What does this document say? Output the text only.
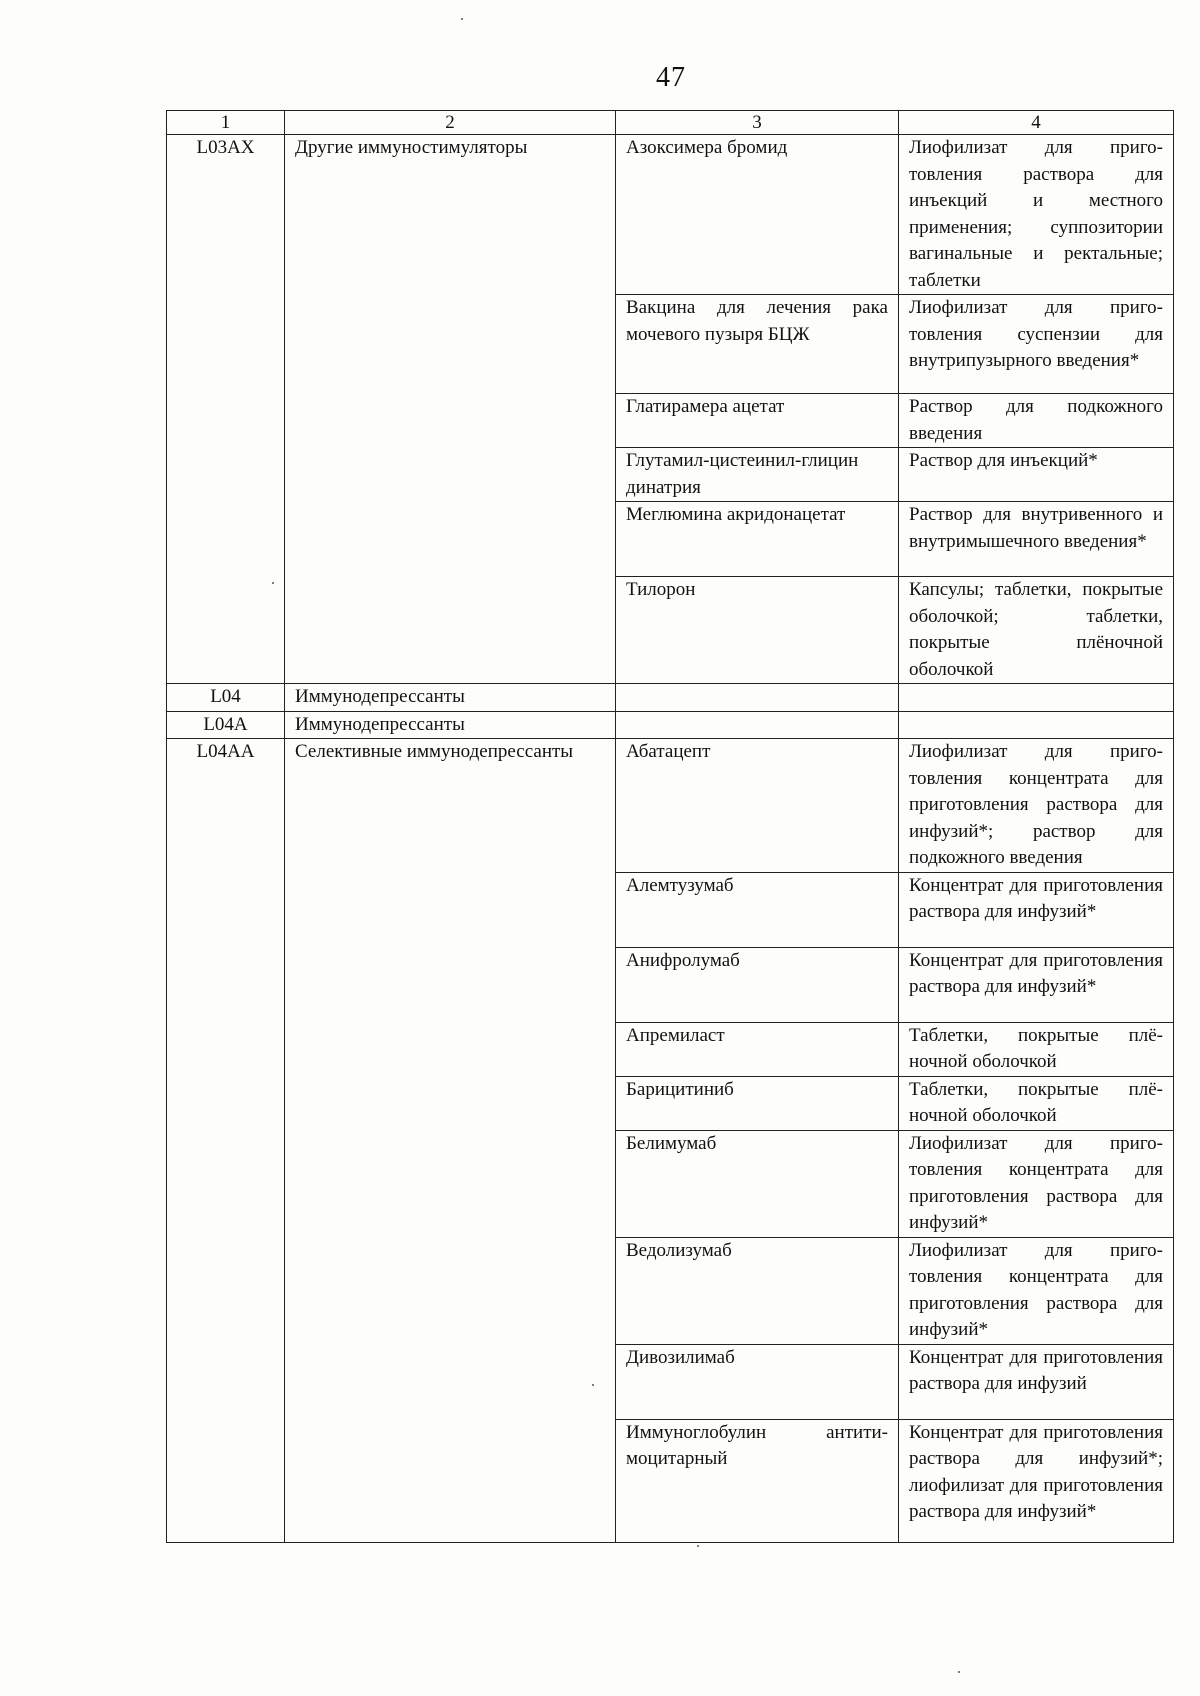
47
1	2	3	4
L03AX	Другие иммуностимуляторы	Азоксимера бромид	Лиофилизат для приготовления раствора для инъекций и местного применения; суппозитории вагинальные и ректальные; таблетки
		Вакцина для лечения рака мочевого пузыря БЦЖ	Лиофилизат для приготовления суспензии для внутрипузырного введения*
		Глатирамера ацетат	Раствор для подкожного введения
		Глутамил-цистеинил-глицин динатрия	Раствор для инъекций*
		Меглюмина акридонацетат	Раствор для внутривенного и внутримышечного введения*
		Тилорон	Капсулы; таблетки, покрытые оболочкой; таблетки, покрытые плёночной оболочкой
L04	Иммунодепрессанты		
L04A	Иммунодепрессанты		
L04AA	Селективные иммунодепрессанты	Абатацепт	Лиофилизат для приготовления концентрата для приготовления раствора для инфузий*; раствор для подкожного введения
		Алемтузумаб	Концентрат для приготовления раствора для инфузий*
		Анифролумаб	Концентрат для приготовления раствора для инфузий*
		Апремиласт	Таблетки, покрытые плёночной оболочкой
		Барицитиниб	Таблетки, покрытые плёночной оболочкой
		Белимумаб	Лиофилизат для приготовления концентрата для приготовления раствора для инфузий*
		Ведолизумаб	Лиофилизат для приготовления концентрата для приготовления раствора для инфузий*
		Дивозилимаб	Концентрат для приготовления раствора для инфузий
		Иммуноглобулин антитимоцитарный	Концентрат для приготовления раствора для инфузий*; лиофилизат для приготовления раствора для инфузий*
